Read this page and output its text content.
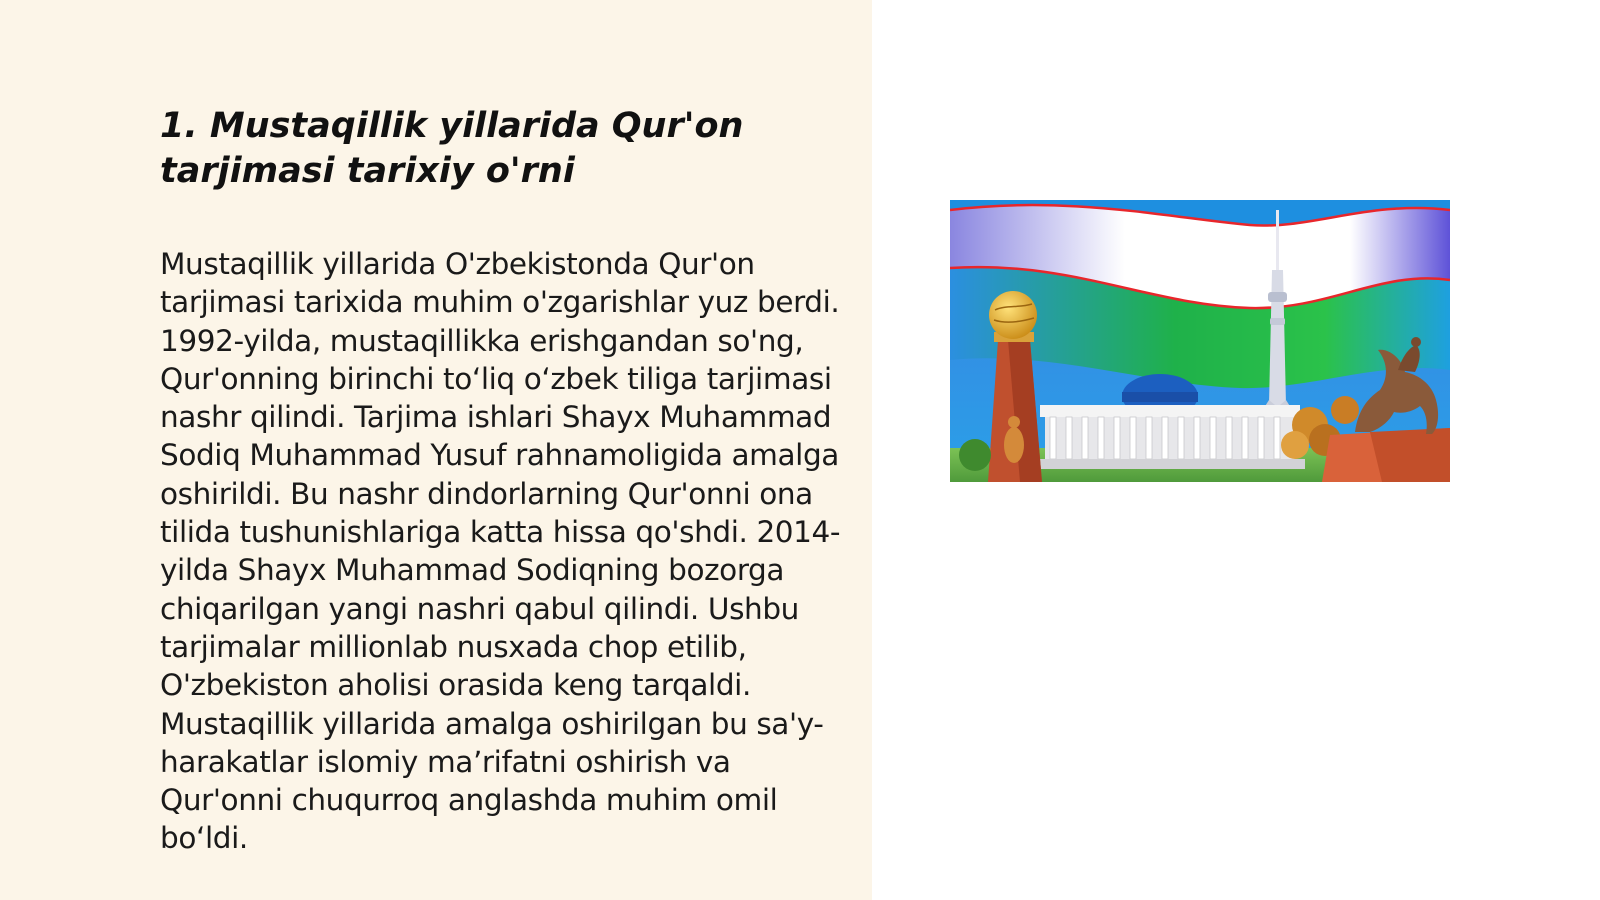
1. Mustaqillik yillarida Qur'on tarjimasi tarixiy o'rni

Mustaqillik yillarida O'zbekistonda Qur'on tarjimasi tarixida muhim o'zgarishlar yuz berdi. 1992-yilda, mustaqillikka erishgandan so'ng, Qur'onning birinchi to‘liq o‘zbek tiliga tarjimasi nashr qilindi. Tarjima ishlari Shayx Muhammad Sodiq Muhammad Yusuf rahnamoligida amalga oshirildi. Bu nashr dindorlarning Qur'onni ona tilida tushunishlariga katta hissa qo'shdi. 2014-yilda Shayx Muhammad Sodiqning bozorga chiqarilgan yangi nashri qabul qilindi. Ushbu tarjimalar millionlab nusxada chop etilib, O'zbekiston aholisi orasida keng tarqaldi. Mustaqillik yillarida amalga oshirilgan bu sa'y-harakatlar islomiy ma’rifatni oshirish va Qur'onni chuqurroq anglashda muhim omil bo‘ldi.
